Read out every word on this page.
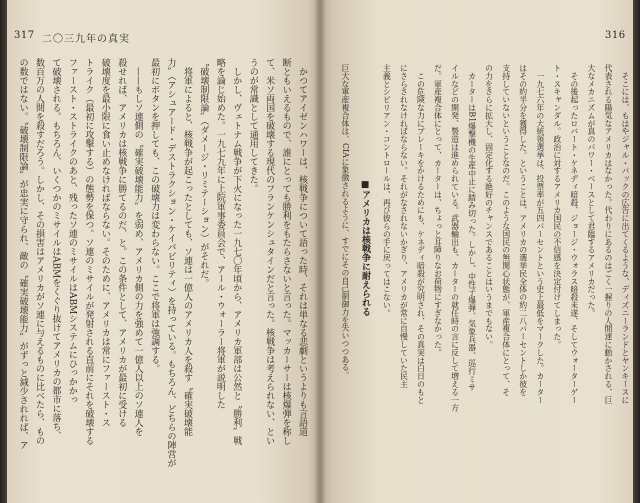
317 二〇三九年の真実	316
　そこには、もはやジャル・パックの広告に出てくるような、ディズニーランドとヤンキースに
代表される陽気なアメリカはなかった。代わりにあるのはごく一握りの人間達に動かされる、巨
大なメカニズムが真のパワー・ベースとして君臨するアメリカだった。
　その後起ったロバート・ケネディ暗殺、ジョージ・ウォラス暗殺未遂、そしてウォーターゲー
ト・スキャンダル。政治に対するアメリカ国民の不信感を決定付けてしまった。
　一九七六年の大統領選挙は、投票率が五四パーセントという史上最低をマークした。カーター
はその約半分を獲得した。ということは、アメリカの選挙民全体の約二八パーセントしか彼を
支持していないということなのだ。このような国民の無関心状態が、軍産複合体にとって、そ
の力をさらに拡大し、固定化する絶好のチャンスであることはいうまでもない。
　カーターはB1爆撃機の生産中止に踏み切った。しかし、中性子爆弾、気象兵器、巡行ミサ
イルなどの開発、製造は進められている。武器輸出も、カーターの就任時の言に反して増える一方
だ。軍産複合体にとって、カーターは、ちょっと耳障りなお荷物にすぎなかった。
　この危険な力にブレーキをかけるためにも、ケネディ暗殺が究明され、その真実は白日のもと
にさらされなければならない。それがなされないかぎり、アメリカが常に自慢していた民主
主義とシビリアン・コントロールは、再び彼らの手に戻ってはこない。
■アメリカは核戦争に耐えられる
巨大な軍産複合体は、CIAに象徴されるように、すでにその自己制御力を失いつつある。
　かつてアイゼンハワーは、核戦争について語った時、それは単なる悲劇というよりも言語道
断ともいえるもので、誰にとっても勝利をもたらさないと言った。マッカーサーは核爆弾を称し
て、米ソ両国を破壊する現代のフランケンシュタインだと言った。核戦争は考えられない、とい
うのが常識として通用してきた。
　しかし、ヴェトナム戦争が下火になった一九七〇年頃から、アメリカ軍部は公然と〝勝利〟戦
略を論じ始めた。一九七九年に上院軍事委員会で、アール・ウォーラー将軍が説明した
〝破壊制限論〟（ダメージ・リミテーション）がそれだ。
　将軍によると、核戦争が起こったとしても、ソ連は一億人のアメリカ人を殺す〝確実破壊能
力〟（アシュアード・デストラクション・ケイパビリティ）を持っている。もちろん、どちらの陣営が
最初にボタンを押しても、この破壊力は変わらない。ここで将軍は強調する。
　——もしソ連側の〝確実破壊能力〟を弱め、アメリカ側の力を強めて一億人以上のソ連人を
殺せれば、アメリカは核戦争に勝てるのだ、と。この条件として、アメリカが最初に受ける
破壊度を最小限に食い止めなければならない。そのために、アメリカは常にファースト・ス
トライク（最初に攻撃する）の態勢を保つ。ソ連のミサイルが発射される直前にそれを破壊する
ファースト・ストライクのあと、残ったソ連のミサイルはABMシステムにひっかかっ
て破壊される。もちろん、いくつかのミサイルはABMをくぐり抜けてアメリカの都市に落ち、
数百万の人間を殺すだろう。しかし、その損害はアメリカがソ連に与えるものに比べたら、もの
の数ではない。〝破壊制限論〟が忠実に守られ、敵の〝確実破壊能力〟がずっと減少されれば、ア
